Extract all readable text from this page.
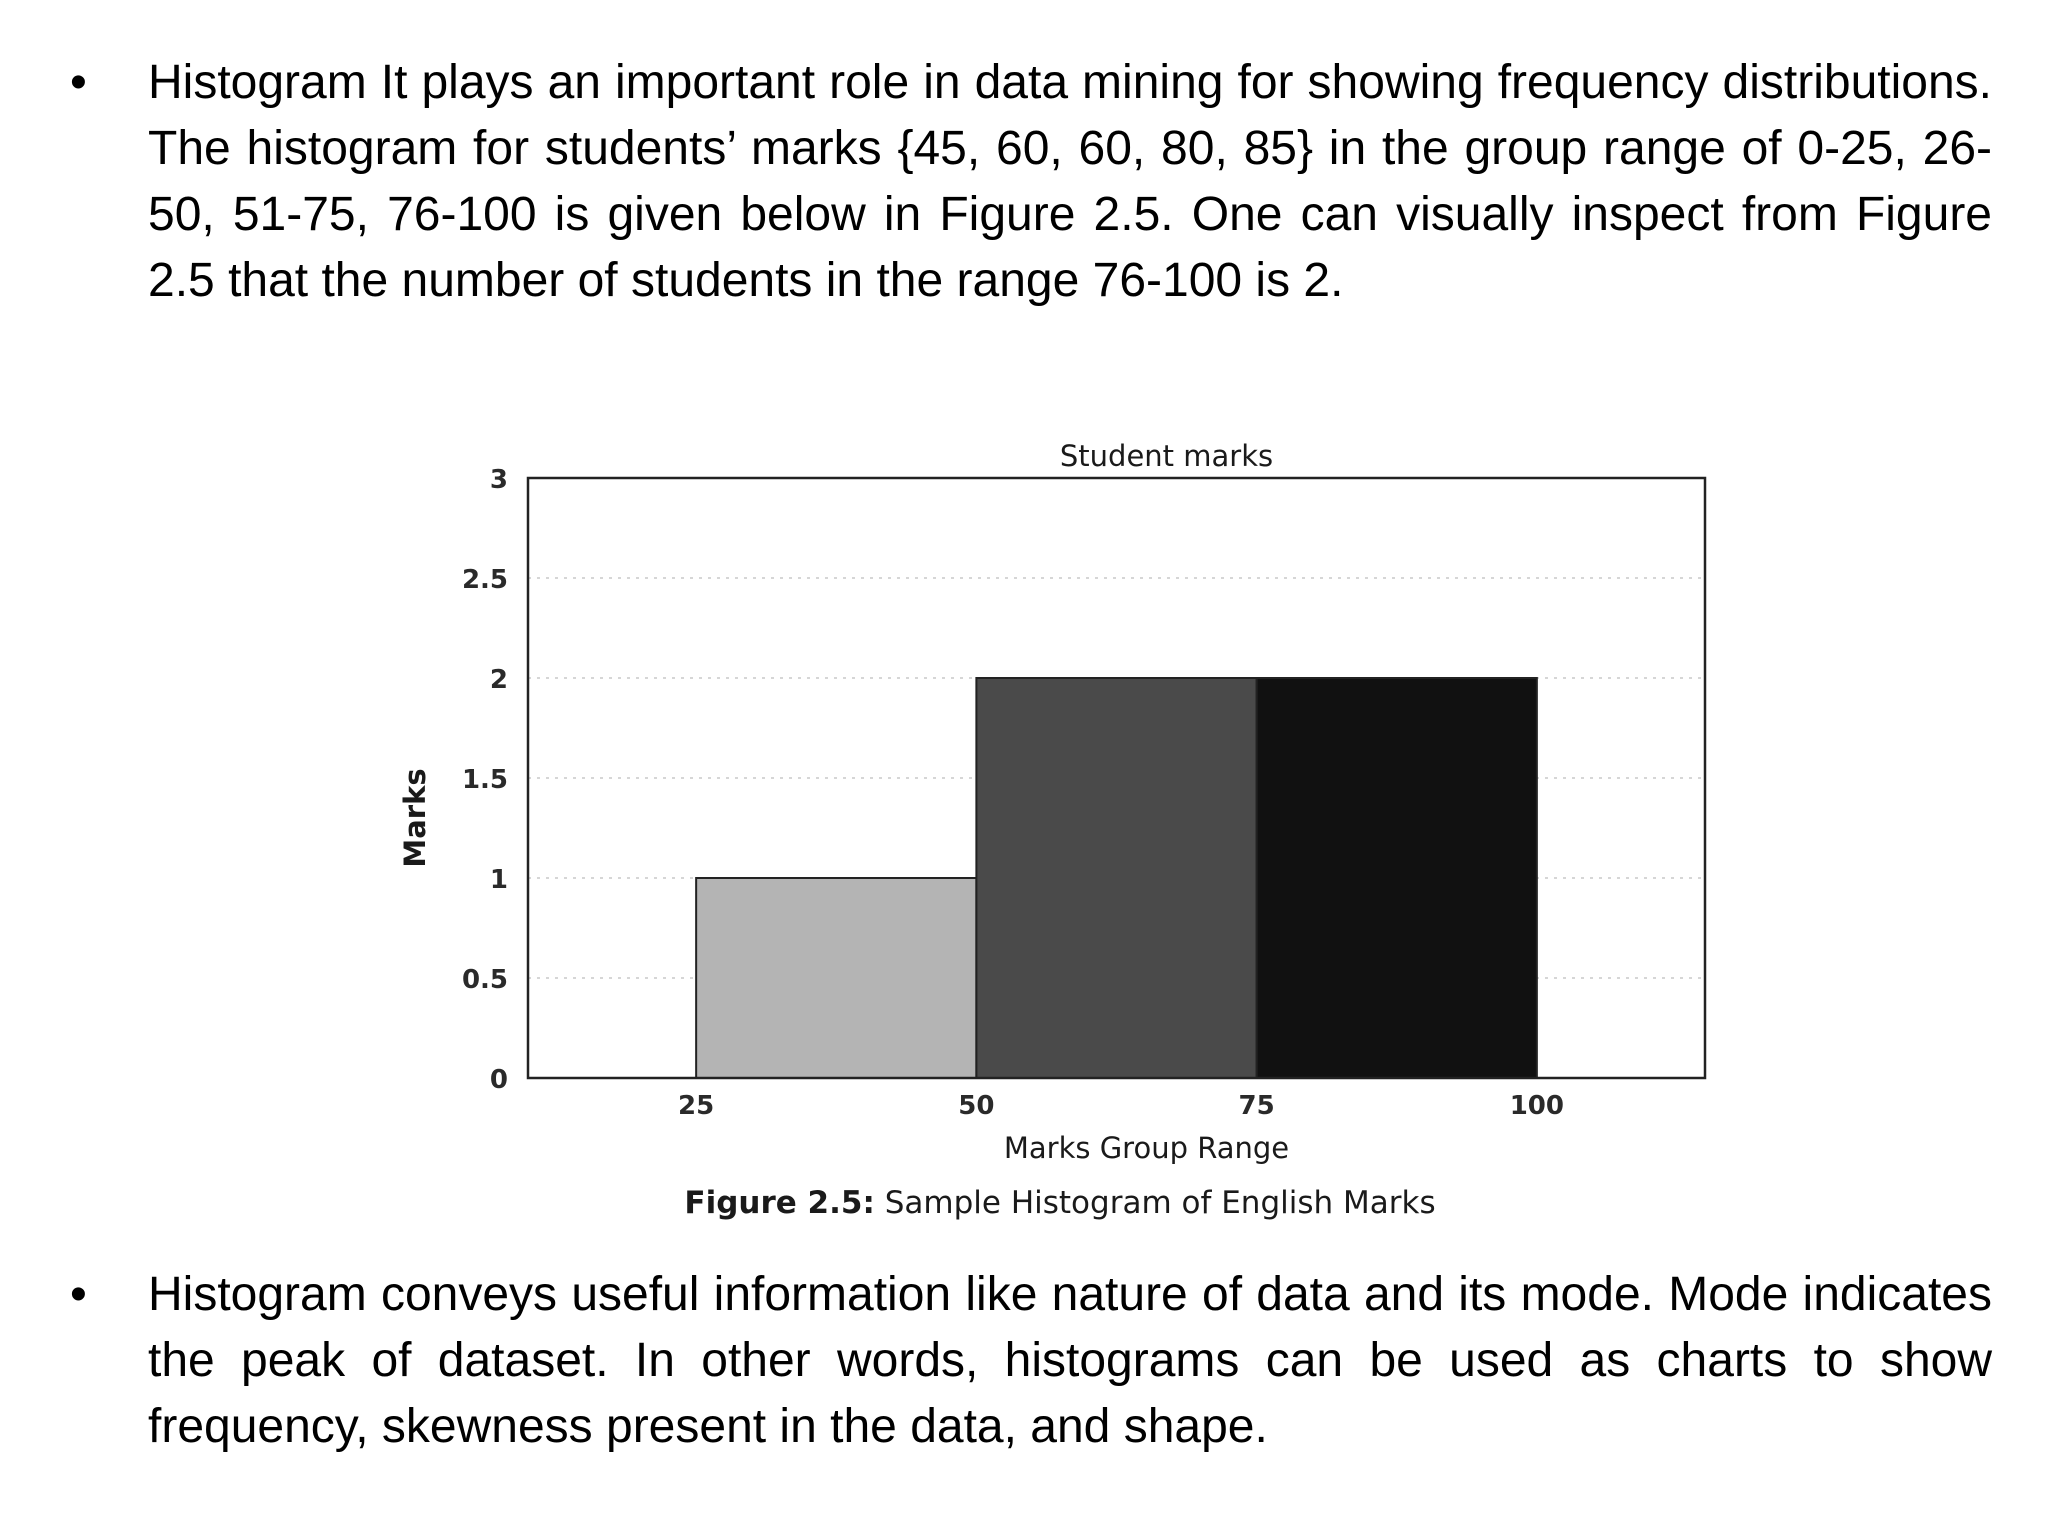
•	Histogram It plays an important role in data mining for showing frequency distributions. The histogram for students’ marks {45, 60, 60, 80, 85} in the group range of 0-25, 26-50, 51-75, 76-100 is given below in Figure 2.5. One can visually inspect from Figure 2.5 that the number of students in the range 76-100 is 2.
0
0.5
1
1.5
2
2.5
3
25	50	75	100
Student marks
Marks Group Range
Marks
Figure 2.5: Sample Histogram of English Marks
•	Histogram conveys useful information like nature of data and its mode. Mode indicates the peak of dataset. In other words, histograms can be used as charts to show frequency, skewness present in the data, and shape.
